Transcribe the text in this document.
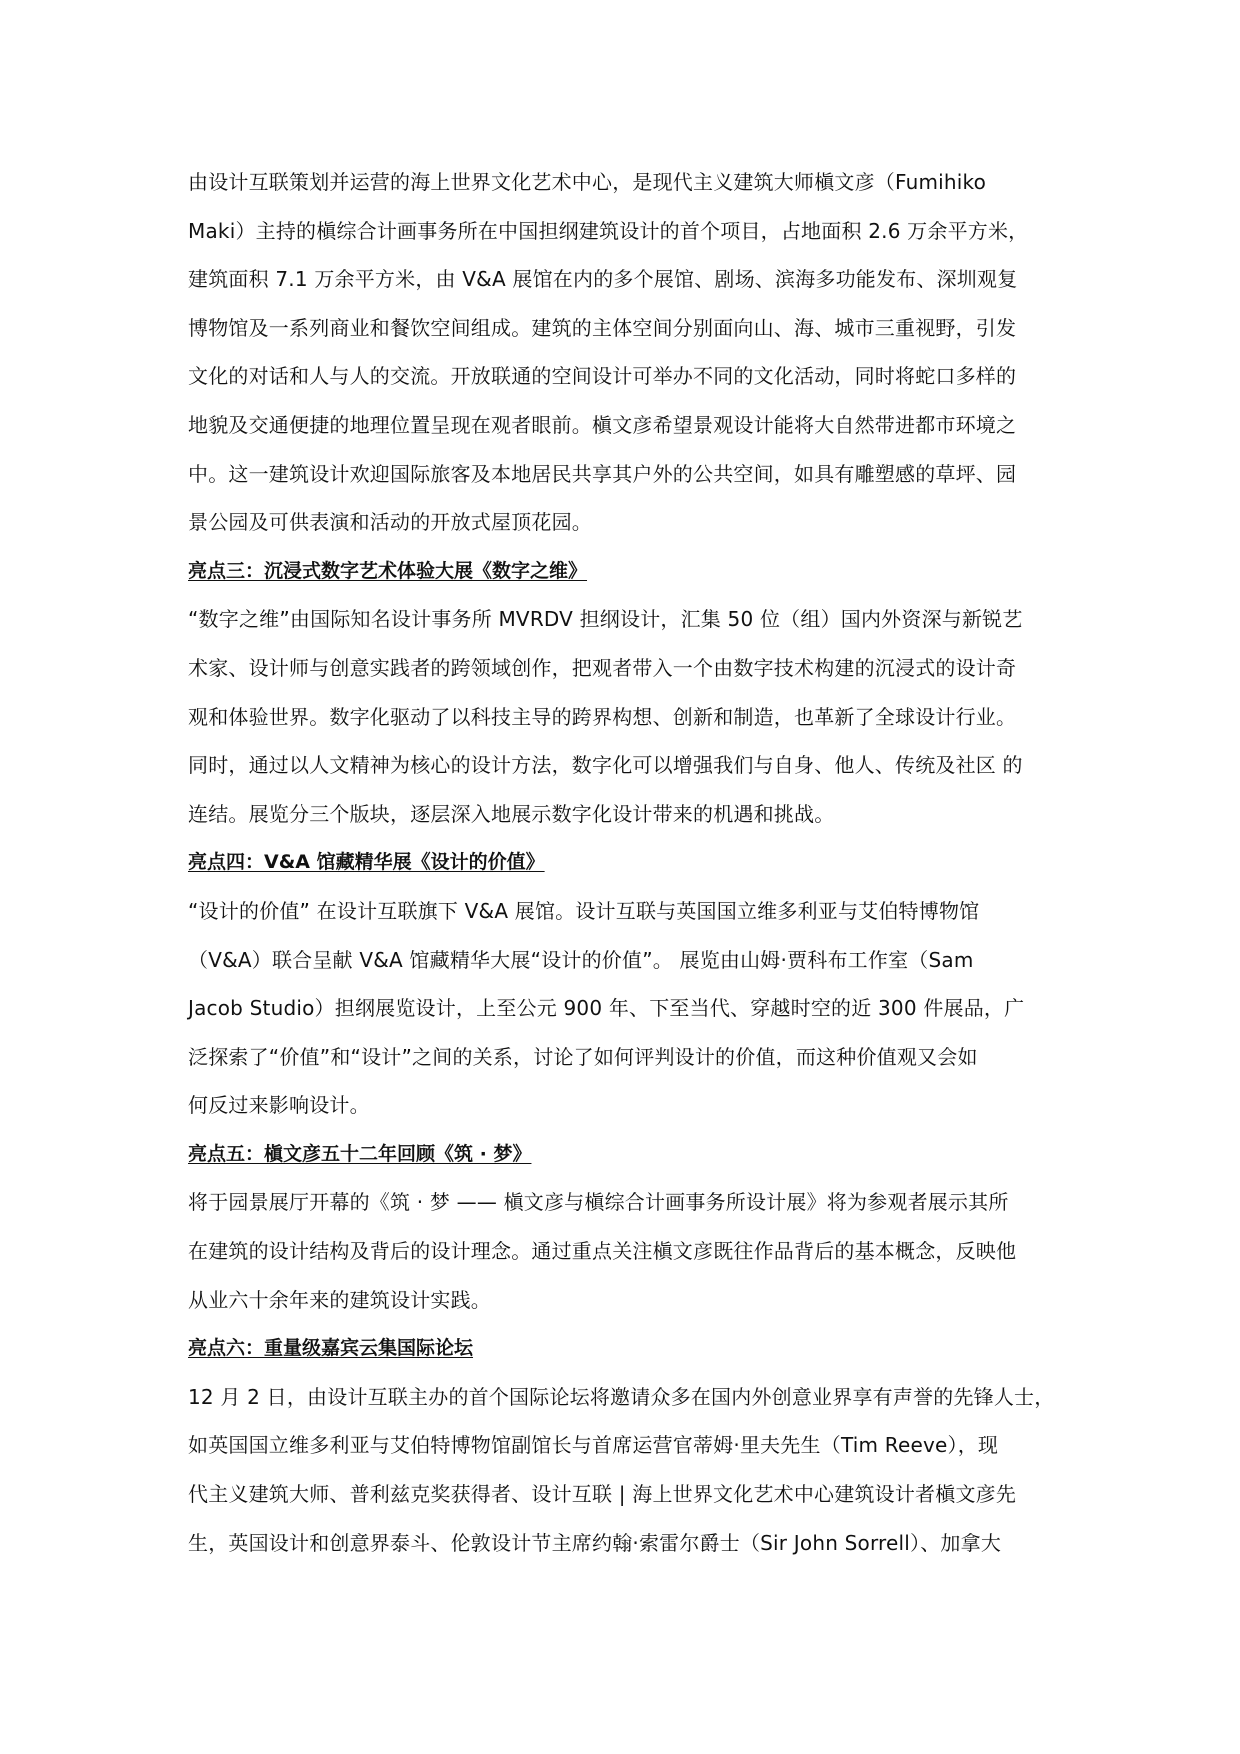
由设计互联策划并运营的海上世界文化艺术中心，是现代主义建筑大师槇文彦（Fumihiko
Maki）主持的槇综合计画事务所在中国担纲建筑设计的首个项目，占地面积 2.6 万余平方米，
建筑面积 7.1 万余平方米，由 V&A 展馆在内的多个展馆、剧场、滨海多功能发布、深圳观复
博物馆及一系列商业和餐饮空间组成。建筑的主体空间分别面向山、海、城市三重视野，引发
文化的对话和人与人的交流。开放联通的空间设计可举办不同的文化活动，同时将蛇口多样的
地貌及交通便捷的地理位置呈现在观者眼前。槇文彦希望景观设计能将大自然带进都市环境之
中。这一建筑设计欢迎国际旅客及本地居民共享其户外的公共空间，如具有雕塑感的草坪、园
景公园及可供表演和活动的开放式屋顶花园。
亮点三：沉浸式数字艺术体验大展《数字之维》
“数字之维”由国际知名设计事务所 MVRDV 担纲设计，汇集 50 位（组）国内外资深与新锐艺
术家、设计师与创意实践者的跨领域创作，把观者带入一个由数字技术构建的沉浸式的设计奇
观和体验世界。数字化驱动了以科技主导的跨界构想、创新和制造，也革新了全球设计行业。
同时，通过以人文精神为核心的设计方法，数字化可以增强我们与自身、他人、传统及社区 的
连结。展览分三个版块，逐层深入地展示数字化设计带来的机遇和挑战。
亮点四：V&A 馆藏精华展《设计的价值》
“设计的价值” 在设计互联旗下 V&A 展馆。设计互联与英国国立维多利亚与艾伯特博物馆
（V&A）联合呈献 V&A 馆藏精华大展“设计的价值”。 展览由山姆·贾科布工作室（Sam
Jacob Studio）担纲展览设计，上至公元 900 年、下至当代、穿越时空的近 300 件展品，广
泛探索了“价值”和“设计”之间的关系，讨论了如何评判设计的价值，而这种价值观又会如
何反过来影响设计。
亮点五：槇文彦五十二年回顾《筑 · 梦》
将于园景展厅开幕的《筑 · 梦 —— 槇文彦与槇综合计画事务所设计展》将为参观者展示其所
在建筑的设计结构及背后的设计理念。通过重点关注槇文彦既往作品背后的基本概念，反映他
从业六十余年来的建筑设计实践。
亮点六：重量级嘉宾云集国际论坛
12 月 2 日，由设计互联主办的首个国际论坛将邀请众多在国内外创意业界享有声誉的先锋人士，
如英国国立维多利亚与艾伯特博物馆副馆长与首席运营官蒂姆·里夫先生（Tim Reeve），现
代主义建筑大师、普利兹克奖获得者、设计互联 | 海上世界文化艺术中心建筑设计者槇文彦先
生，英国设计和创意界泰斗、伦敦设计节主席约翰·索雷尔爵士（Sir John Sorrell）、加拿大
